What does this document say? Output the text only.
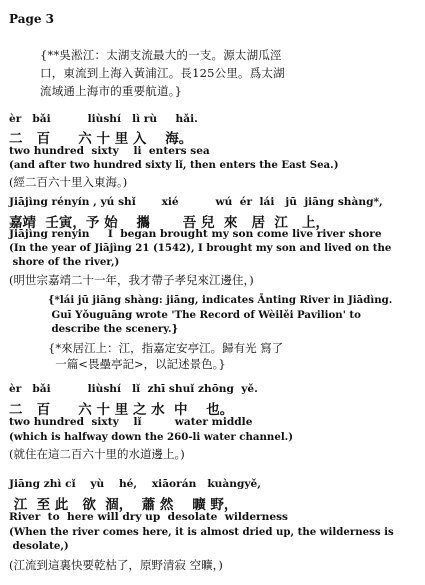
Page 3
{**吳淞江：太湖支流最大的一支。源太湖瓜涇
口，東流到上海入黃浦江。長125公里。爲太湖
流域通上海市的重要航道。}
èr   bǎi          liùshí   lì rù     hǎi.
二   百      六 十 里 入    海。
two hundred  sixty    li  enters sea
(and after two hundred sixty lǐ, then enters the East Sea.)
(經二百六十里入東海。)
Jiājìng rényín , yú shǐ       xié          wú  ér  lái   jū  jiāng shàng*,
嘉靖  壬寅，予 始    攜       吾 兒  來   居  江   上，
Jiājìng renyin     I  began brought my son come live river shore
(In the year of Jiājìng 21 (1542), I brought my son and lived on the
shore of the river,)
(明世宗嘉靖二十一年，我才帶子孝兒來江邊住，)
{*lái jū jiāng shàng: jiāng, indicates Ānting River in Jiādìng.
Guī Yǒuguāng wrote 'The Record of Wèilěi Pavilion' to
describe the scenery.}
{*來居江上：江，指嘉定安亭江。歸有光 寫了
一篇<畏壘亭記>，以記述景色。}
èr   bǎi          liùshí   lǐ  zhī shuǐ zhōng  yě.
二   百      六 十 里 之 水  中    也。
two hundred  sixty    lǐ         water middle
(which is halfway down the 260-li water channel.)
(就住在這二百六十里的水道邊上。)
Jiāng zhì cǐ    yù    hé,    xiāorán   kuàngyě,
江  至 此   欲  涸，  蕭 然    曠 野，
River  to  here will dry up  desolate  wilderness
(When the river comes here, it is almost dried up, the wilderness is
desolate,)
(江流到這裏快要乾枯了，原野清寂 空曠，)
